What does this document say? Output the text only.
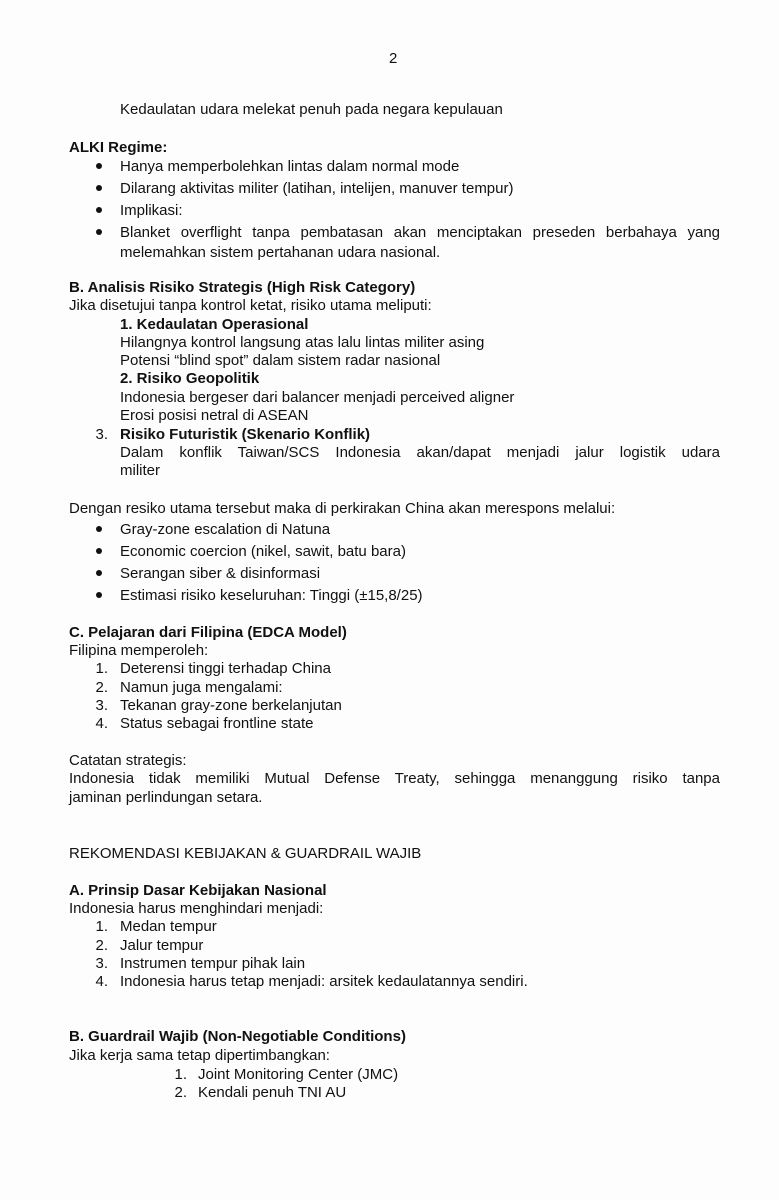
2
Kedaulatan udara melekat penuh pada negara kepulauan
ALKI Regime:
Hanya memperbolehkan lintas dalam normal mode
Dilarang aktivitas militer (latihan, intelijen, manuver tempur)
Implikasi:
Blanket overflight tanpa pembatasan akan menciptakan preseden berbahaya yang
melemahkan sistem pertahanan udara nasional.
B. Analisis Risiko Strategis (High Risk Category)
Jika disetujui tanpa kontrol ketat, risiko utama meliputi:
1. Kedaulatan Operasional
Hilangnya kontrol langsung atas lalu lintas militer asing
Potensi “blind spot” dalam sistem radar nasional
2. Risiko Geopolitik
Indonesia bergeser dari balancer menjadi perceived aligner
Erosi posisi netral di ASEAN
3. Risiko Futuristik (Skenario Konflik)
Dalam konflik Taiwan/SCS Indonesia akan/dapat menjadi jalur logistik udara
militer
Dengan resiko utama tersebut maka di perkirakan China akan merespons melalui:
Gray-zone escalation di Natuna
Economic coercion (nikel, sawit, batu bara)
Serangan siber & disinformasi
Estimasi risiko keseluruhan: Tinggi (±15,8/25)
C. Pelajaran dari Filipina (EDCA Model)
Filipina memperoleh:
1. Deterensi tinggi terhadap China
2. Namun juga mengalami:
3. Tekanan gray-zone berkelanjutan
4. Status sebagai frontline state
Catatan strategis:
Indonesia tidak memiliki Mutual Defense Treaty, sehingga menanggung risiko tanpa
jaminan perlindungan setara.
REKOMENDASI KEBIJAKAN & GUARDRAIL WAJIB
A. Prinsip Dasar Kebijakan Nasional
Indonesia harus menghindari menjadi:
1. Medan tempur
2. Jalur tempur
3. Instrumen tempur pihak lain
4. Indonesia harus tetap menjadi: arsitek kedaulatannya sendiri.
B. Guardrail Wajib (Non-Negotiable Conditions)
Jika kerja sama tetap dipertimbangkan:
1. Joint Monitoring Center (JMC)
2. Kendali penuh TNI AU
